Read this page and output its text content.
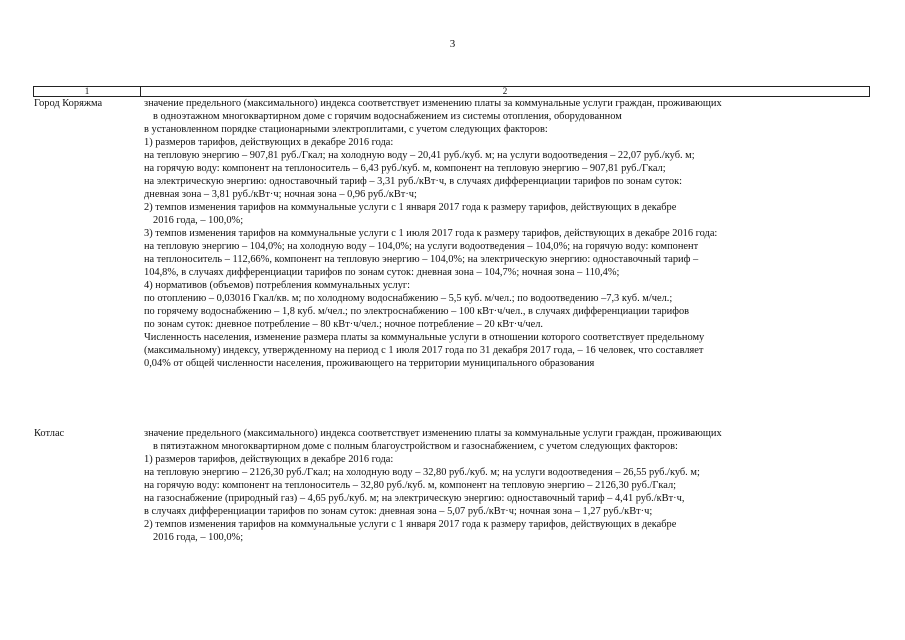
3
1	2
Город Коряжма	значение предельного (максимального) индекса соответствует изменению платы за коммунальные услуги граждан, проживающих
в одноэтажном многоквартирном доме с горячим водоснабжением из системы отопления, оборудованном
в установленном порядке стационарными электроплитами, с учетом следующих факторов:
1) размеров тарифов, действующих в декабре 2016 года:
на тепловую энергию – 907,81 руб./Гкал; на холодную воду – 20,41 руб./куб. м; на услуги водоотведения – 22,07 руб./куб. м;
на горячую воду: компонент на теплоноситель – 6,43 руб./куб. м, компонент на тепловую энергию – 907,81 руб./Гкал;
на электрическую энергию: одноставочный тариф – 3,31 руб./кВт·ч, в случаях дифференциации тарифов по зонам суток:
дневная зона – 3,81 руб./кВт·ч; ночная зона – 0,96 руб./кВт·ч;
2) темпов изменения тарифов на коммунальные услуги с 1 января 2017 года к размеру тарифов, действующих в декабре
2016 года, – 100,0%;
3) темпов изменения тарифов на коммунальные услуги с 1 июля 2017 года к размеру тарифов, действующих в декабре 2016 года:
на тепловую энергию – 104,0%; на холодную воду – 104,0%; на услуги водоотведения – 104,0%; на горячую воду: компонент
на теплоноситель – 112,66%, компонент на тепловую энергию – 104,0%; на электрическую энергию: одноставочный тариф –
104,8%, в случаях дифференциации тарифов по зонам суток: дневная зона – 104,7%; ночная зона – 110,4%;
4) нормативов (объемов) потребления коммунальных услуг:
по отоплению – 0,03016 Гкал/кв. м; по холодному водоснабжению – 5,5 куб. м/чел.; по водоотведению –7,3 куб. м/чел.;
по горячему водоснабжению – 1,8 куб. м/чел.; по электроснабжению – 100 кВт·ч/чел., в случаях дифференциации тарифов
по зонам суток: дневное потребление – 80 кВт·ч/чел.; ночное потребление – 20 кВт·ч/чел.
Численность населения, изменение размера платы за коммунальные услуги в отношении которого соответствует предельному
(максимальному) индексу, утвержденному на период с 1 июля 2017 года по 31 декабря 2017 года, – 16 человек, что составляет
0,04% от общей численности населения, проживающего на территории муниципального образования
Котлас	значение предельного (максимального) индекса соответствует изменению платы за коммунальные услуги граждан, проживающих
в пятиэтажном многоквартирном доме с полным благоустройством и газоснабжением, с учетом следующих факторов:
1) размеров тарифов, действующих в декабре 2016 года:
на тепловую энергию – 2126,30 руб./Гкал; на холодную воду – 32,80 руб./куб. м; на услуги водоотведения – 26,55 руб./куб. м;
на горячую воду: компонент на теплоноситель – 32,80 руб./куб. м, компонент на тепловую энергию – 2126,30 руб./Гкал;
на газоснабжение (природный газ) – 4,65 руб./куб. м; на электрическую энергию: одноставочный тариф – 4,41 руб./кВт·ч,
в случаях дифференциации тарифов по зонам суток: дневная зона – 5,07 руб./кВт·ч; ночная зона – 1,27 руб./кВт·ч;
2) темпов изменения тарифов на коммунальные услуги с 1 января 2017 года к размеру тарифов, действующих в декабре
2016 года, – 100,0%;
